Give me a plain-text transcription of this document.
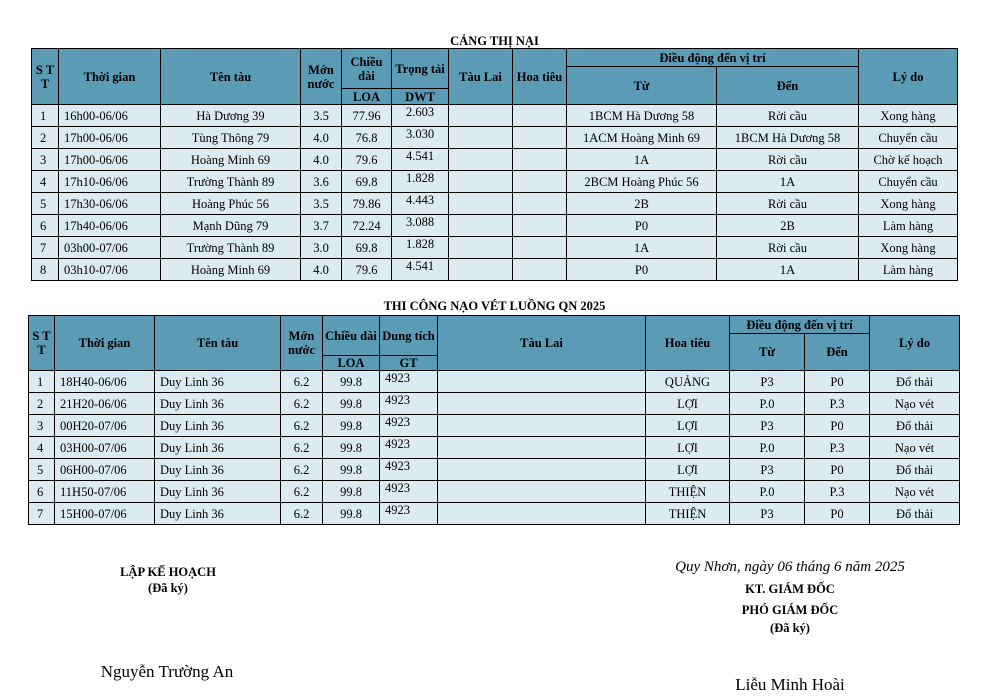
CẢNG THỊ NẠI
S T T	Thời gian	Tên tàu	Mớn nước	Chiều dài	Trọng tải	Tàu Lai	Hoa tiêu	Điều động đến vị trí		Lý do
								Từ	Đến	
				LOA	DWT					
1	16h00-06/06	Hà Dương 39	3.5	77.96	2.603			1BCM Hà Dương 58	Rời cầu	Xong hàng
2	17h00-06/06	Tùng Thông 79	4.0	76.8	3.030			1ACM Hoàng Minh 69	1BCM Hà Dương 58	Chuyển cầu
3	17h00-06/06	Hoàng Minh 69	4.0	79.6	4.541			1A	Rời cầu	Chờ kế hoạch
4	17h10-06/06	Trường Thành 89	3.6	69.8	1.828			2BCM Hoàng Phúc 56	1A	Chuyển cầu
5	17h30-06/06	Hoàng Phúc 56	3.5	79.86	4.443			2B	Rời cầu	Xong hàng
6	17h40-06/06	Mạnh Dũng 79	3.7	72.24	3.088			P0	2B	Làm hàng
7	03h00-07/06	Trường Thành 89	3.0	69.8	1.828			1A	Rời cầu	Xong hàng
8	03h10-07/06	Hoàng Minh 69	4.0	79.6	4.541			P0	1A	Làm hàng
THI CÔNG NẠO VÉT LUỒNG QN 2025
S T T	Thời gian	Tên tàu	Mớn nước	Chiều dài	Dung tích	Tàu Lai	Hoa tiêu	Điều động đến vị trí		Lý do
								Từ	Đến	
				LOA	GT					
1	18H40-06/06	Duy Linh 36	6.2	99.8	4923		QUẢNG	P3	P0	Đổ thải
2	21H20-06/06	Duy Linh 36	6.2	99.8	4923		LỢI	P.0	P.3	Nạo vét
3	00H20-07/06	Duy Linh 36	6.2	99.8	4923		LỢI	P3	P0	Đổ thải
4	03H00-07/06	Duy Linh 36	6.2	99.8	4923		LỢI	P.0	P.3	Nạo vét
5	06H00-07/06	Duy Linh 36	6.2	99.8	4923		LỢI	P3	P0	Đổ thải
6	11H50-07/06	Duy Linh 36	6.2	99.8	4923		THIỆN	P.0	P.3	Nạo vét
7	15H00-07/06	Duy Linh 36	6.2	99.8	4923		THIỆN	P3	P0	Đổ thải
LẬP KẾ HOẠCH
(Đã ký)
Nguyễn Trường An
Quy Nhơn, ngày 06 tháng 6 năm 2025
KT. GIÁM ĐỐC
PHÓ GIÁM ĐỐC
(Đã ký)
Liễu Minh Hoài
